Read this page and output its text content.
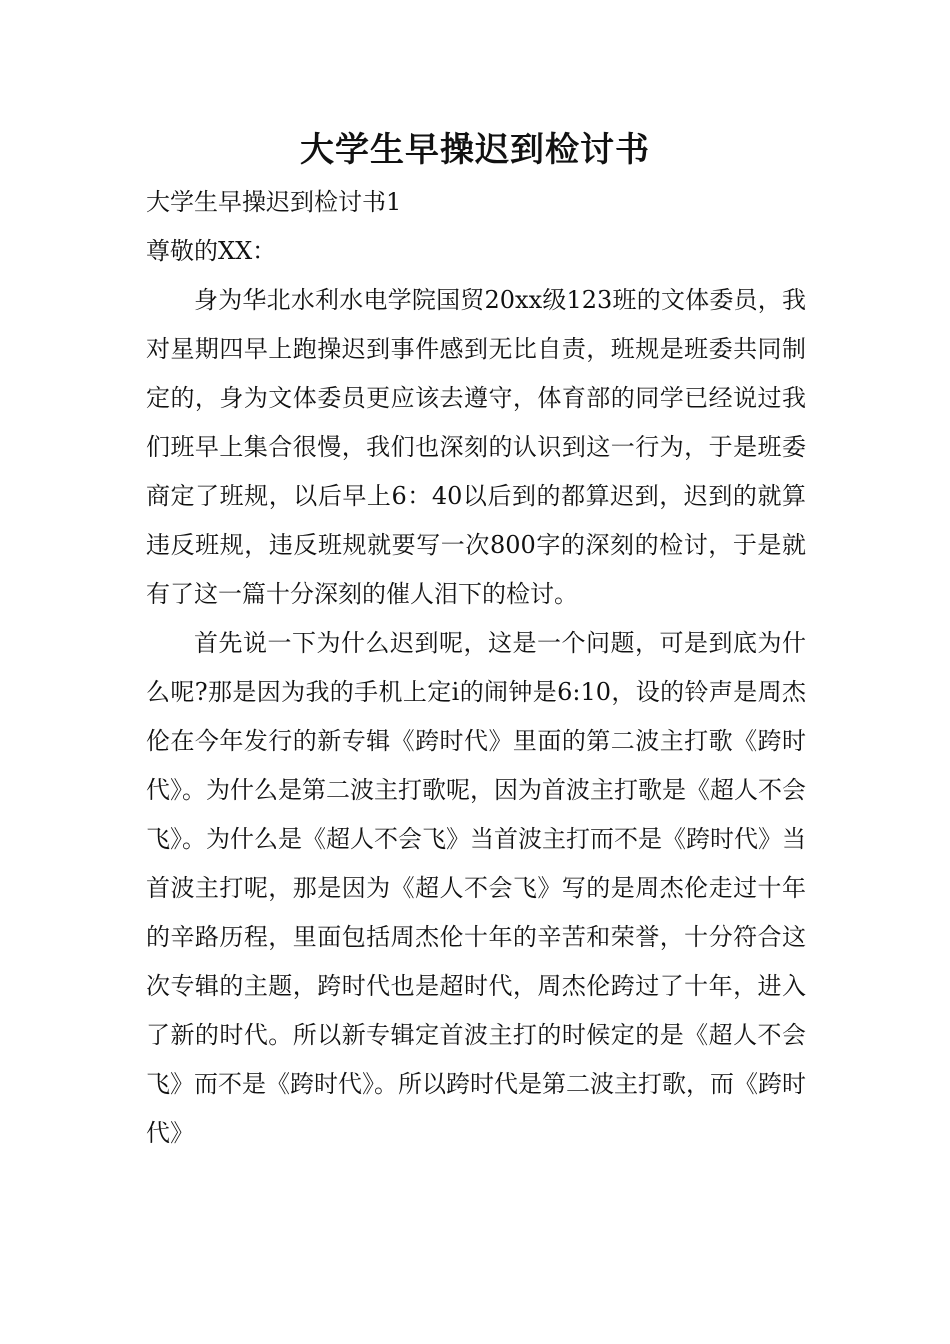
大学生早操迟到检讨书

大学生早操迟到检讨书1

尊敬的XX：

身为华北水利水电学院国贸20xx级123班的文体委员，我对星期四早上跑操迟到事件感到无比自责，班规是班委共同制定的，身为文体委员更应该去遵守，体育部的同学已经说过我们班早上集合很慢，我们也深刻的认识到这一行为，于是班委商定了班规，以后早上6：40以后到的都算迟到，迟到的就算违反班规，违反班规就要写一次800字的深刻的检讨，于是就有了这一篇十分深刻的催人泪下的检讨。

首先说一下为什么迟到呢，这是一个问题，可是到底为什么呢?那是因为我的手机上定i的闹钟是6:10，设的铃声是周杰伦在今年发行的新专辑《跨时代》里面的第二波主打歌《跨时代》。为什么是第二波主打歌呢，因为首波主打歌是《超人不会飞》。为什么是《超人不会飞》当首波主打而不是《跨时代》当首波主打呢，那是因为《超人不会飞》写的是周杰伦走过十年的辛路历程，里面包括周杰伦十年的辛苦和荣誉，十分符合这次专辑的主题，跨时代也是超时代，周杰伦跨过了十年，进入了新的时代。所以新专辑定首波主打的时候定的是《超人不会飞》而不是《跨时代》。所以跨时代是第二波主打歌，而《跨时代》
